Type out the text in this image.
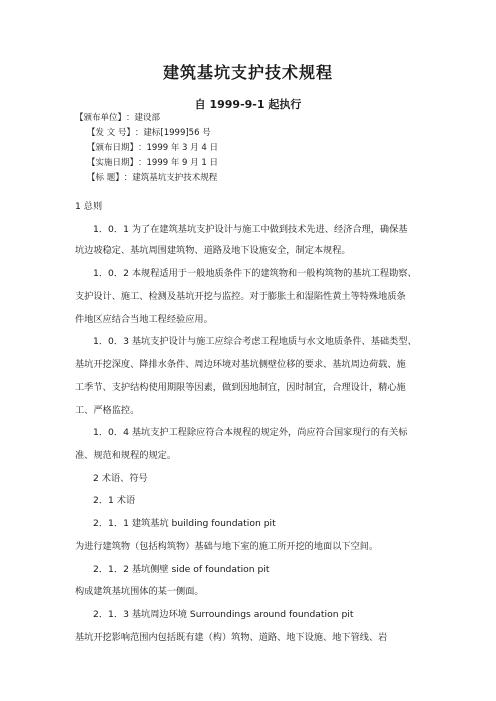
建筑基坑支护技术规程
自 1999-9-1 起执行
【颁布单位】：建设部
【发 文 号】：建标[1999]56 号
【颁布日期】：1999 年 3 月 4 日
【实施日期】：1999 年 9 月 1 日
【标 题】：建筑基坑支护技术规程
1 总则
1．0．1 为了在建筑基坑支护设计与施工中做到技术先进、经济合理，确保基
坑边坡稳定、基坑周围建筑物、道路及地下设施安全，制定本规程。
1．0．2 本规程适用于一般地质条件下的建筑物和一般构筑物的基坑工程勘察、
支护设计、施工、检测及基坑开挖与监控。对于膨胀土和湿陷性黄土等特殊地质条
件地区应结合当地工程经验应用。
1．0．3 基坑支护设计与施工应综合考虑工程地质与水文地质条件、基础类型、
基坑开挖深度、降排水条件、周边环境对基坑侧壁位移的要求、基坑周边荷载、施
工季节、支护结构使用期限等因素，做到因地制宜，因时制宜，合理设计，精心施
工、严格监控。
1．0．4 基坑支护工程除应符合本规程的规定外，尚应符合国家现行的有关标
准、规范和规程的规定。
2 术语、符号
2．1 术语
2．1．1 建筑基坑 building foundation pit
为进行建筑物（包括构筑物）基础与地下室的施工所开挖的地面以下空间。
2．1．2 基坑侧壁 side of foundation pit
构成建筑基坑围体的某一侧面。
2．1．3 基坑周边环境 Surroundings around foundation pit
基坑开挖影响范围内包括既有建（构）筑物、道路、地下设施、地下管线、岩
